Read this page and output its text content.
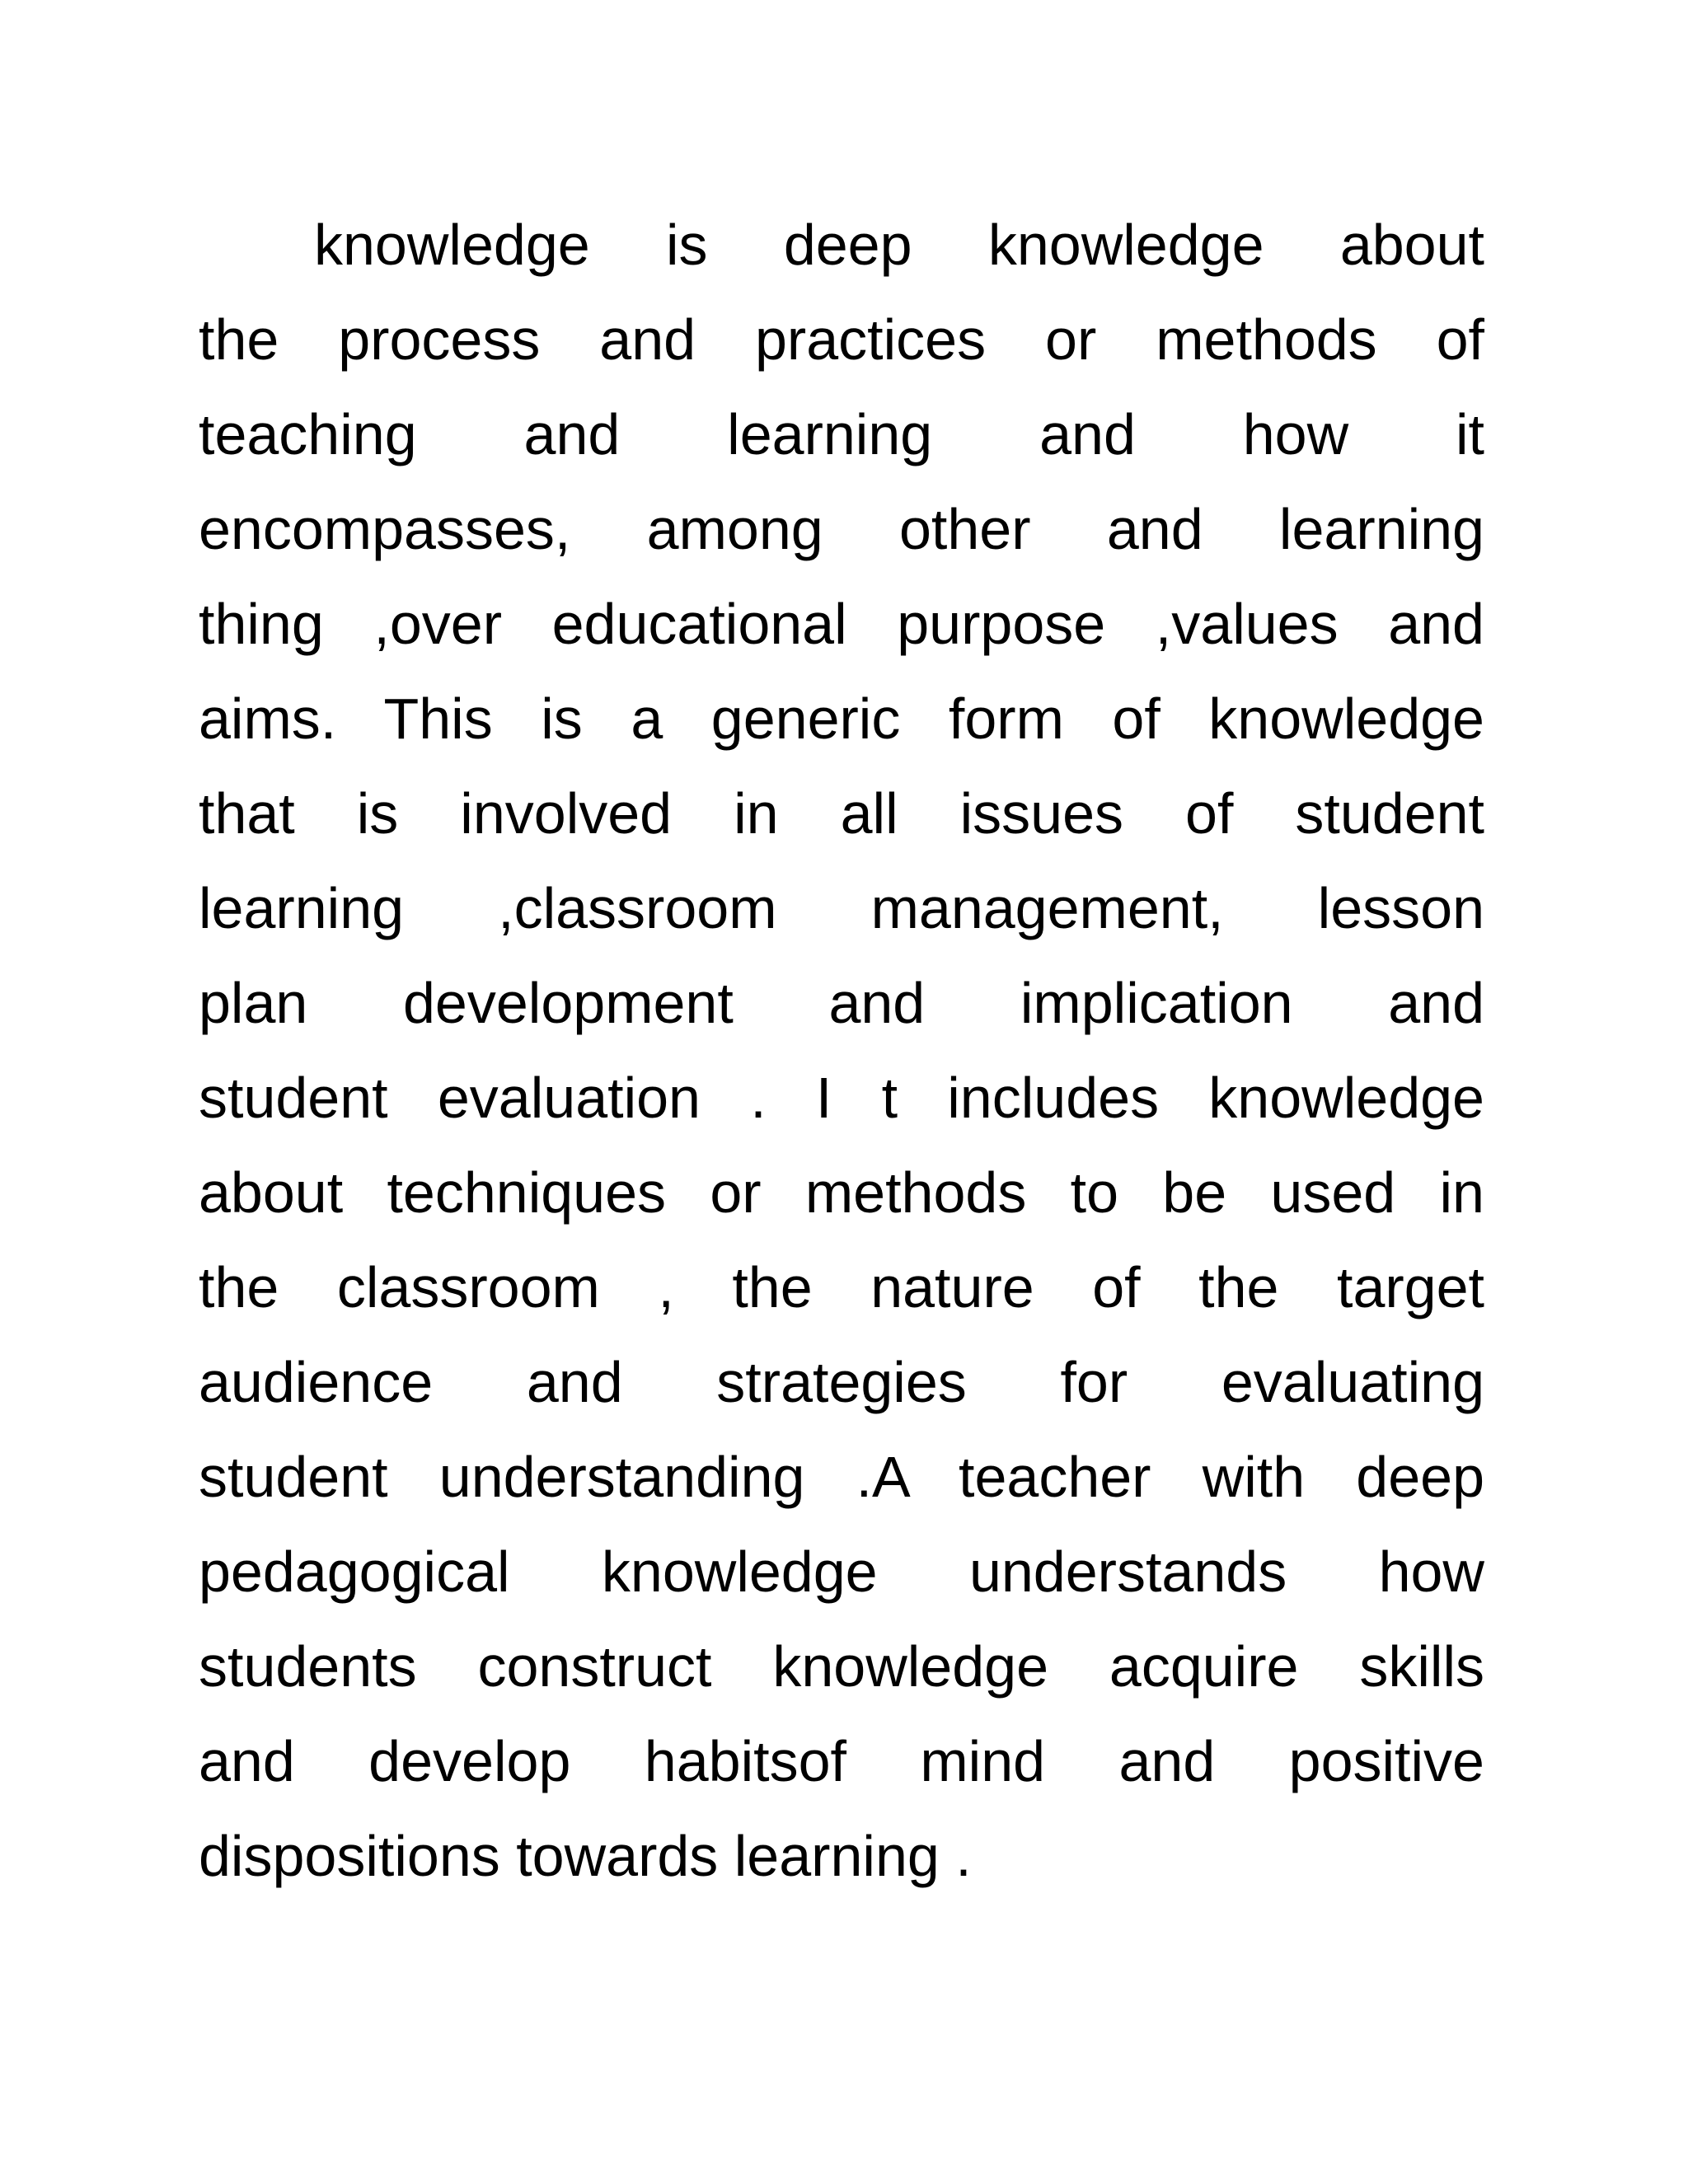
knowledge is deep knowledge about
the process and practices or methods of
teaching and learning and how it
encompasses, among other and learning
thing ,over educational purpose ,values and
aims. This is a generic form of knowledge
that is involved in all issues of student
learning ,classroom management, lesson
plan development and implication and
student evaluation . I t includes knowledge
about techniques or methods to be used in
the classroom , the nature of the target
audience and strategies for evaluating
student understanding .A teacher with deep
pedagogical knowledge understands how
students construct knowledge acquire skills
and develop habitsof mind and positive
dispositions towards learning .
